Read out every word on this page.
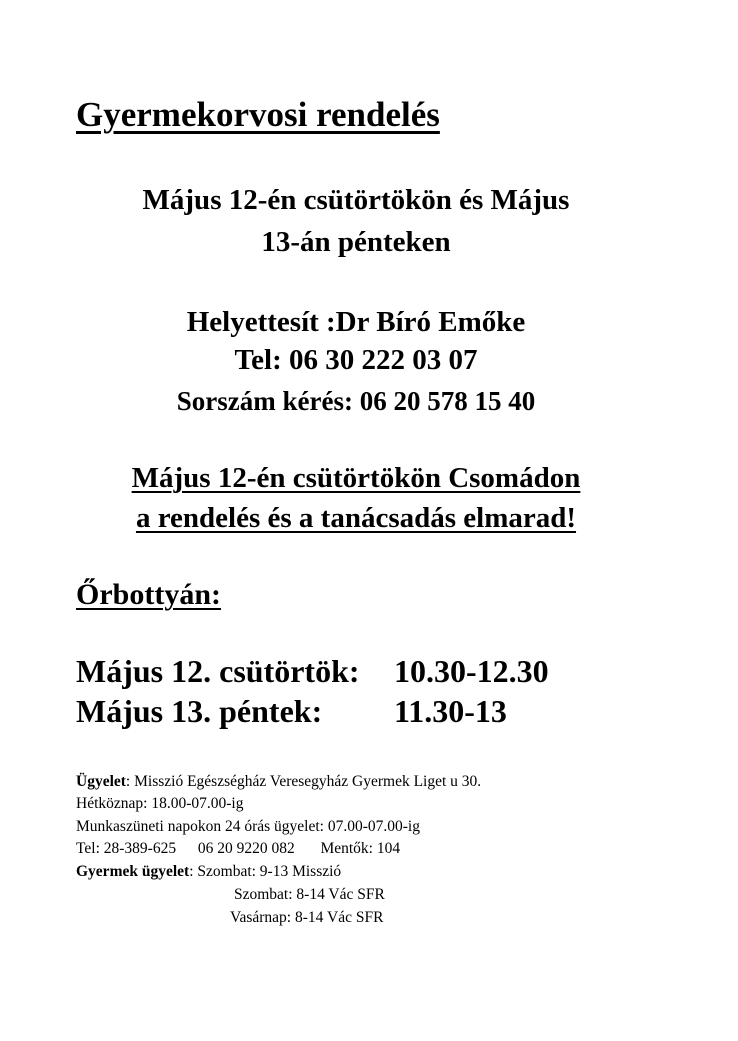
Gyermekorvosi rendelés
Május 12-én csütörtökön és Május
13-án pénteken
Helyettesít :Dr Bíró Emőke
Tel: 06 30 222 03 07
Sorszám kérés: 06 20 578 15 40
Május 12-én csütörtökön Csomádon
a rendelés és a tanácsadás elmarad!
Őrbottyán:
Május 12. csütörtök: 10.30-12.30
Május 13. péntek: 11.30-13
Ügyelet: Misszió Egészségház Veresegyház Gyermek Liget u 30.
Hétköznap: 18.00-07.00-ig
Munkaszüneti napokon 24 órás ügyelet: 07.00-07.00-ig
Tel: 28-389-625 06 20 9220 082 Mentők: 104
Gyermek ügyelet: Szombat: 9-13 Misszió
Szombat: 8-14 Vác SFR
Vasárnap: 8-14 Vác SFR
